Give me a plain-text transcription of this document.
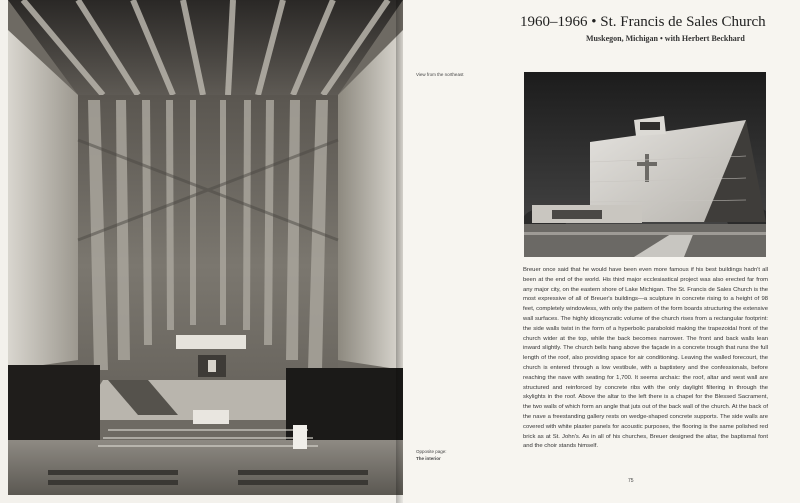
1960–1966 • St. Francis de Sales Church
Muskegon, Michigan • with Herbert Beckhard
View from the northeast
Breuer once said that he would have been even more famous if his best buildings hadn't all been at the end of the world. His third major ecclesiastical project was also erected far from any major city, on the eastern shore of Lake Michigan. The St. Francis de Sales Church is the most expressive of all of Breuer's buildings—a sculpture in concrete rising to a height of 98 feet, completely windowless, with only the pattern of the form boards structuring the extensive wall surfaces. The highly idiosyncratic volume of the church rises from a rectangular footprint: the side walls twist in the form of a hyperbolic paraboloid making the trapezoidal front of the church wider at the top, while the back becomes narrower. The front and back walls lean inward slightly. The church bells hang above the façade in a concrete trough that runs the full length of the roof, also providing space for air conditioning. Leaving the walled forecourt, the church is entered through a low vestibule, with a baptistery and the confessionals, before reaching the nave with seating for 1,700. It seems archaic: the roof, altar and west wall are structured and reinforced by concrete ribs with the only daylight filtering in through the skylights in the roof. Above the altar to the left there is a chapel for the Blessed Sacrament, the two walls of which form an angle that juts out of the back wall of the church. At the back of the nave a freestanding gallery rests on wedge-shaped concrete supports. The side walls are covered with white plaster panels for acoustic purposes, the flooring is the same polished red brick as at St. John's. As in all of his churches, Breuer designed the altar, the baptismal font and the choir stands himself.
Opposite page:
The interior
75
